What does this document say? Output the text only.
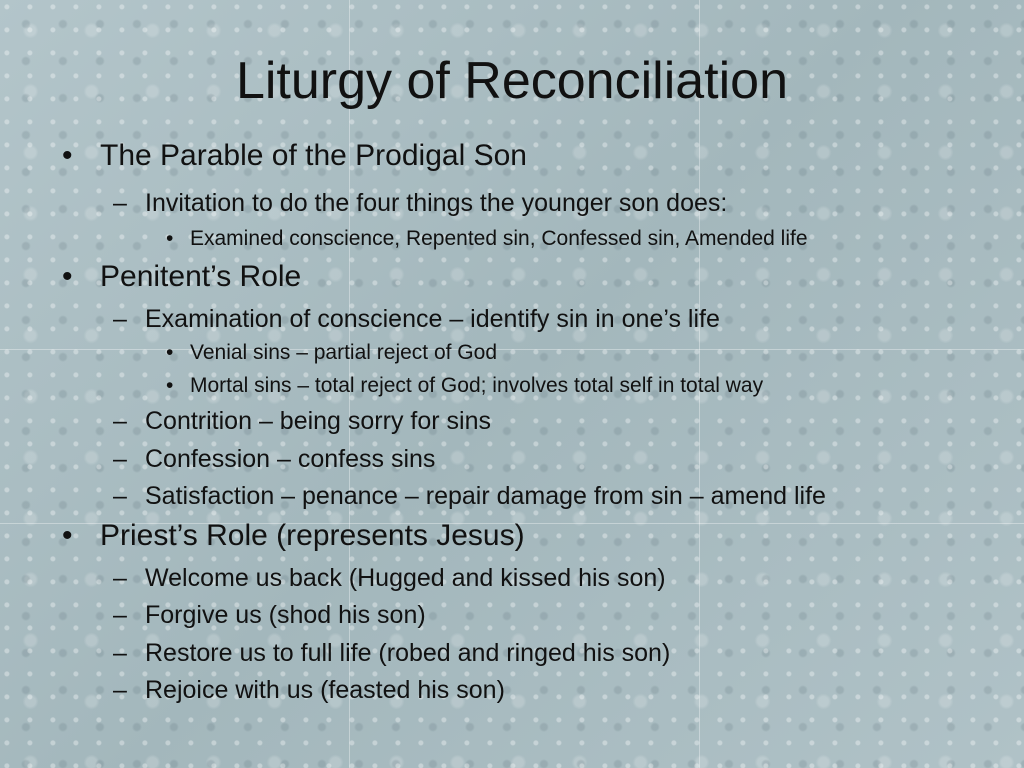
Liturgy of Reconciliation
• The Parable of the Prodigal Son
– Invitation to do the four things the younger son does:
• Examined conscience, Repented sin, Confessed sin, Amended life
• Penitent’s Role
– Examination of conscience – identify sin in one’s life
• Venial sins – partial reject of God
• Mortal sins – total reject of God; involves total self in total way
– Contrition – being sorry for sins
– Confession – confess sins
– Satisfaction – penance – repair damage from sin – amend life
• Priest’s Role (represents Jesus)
– Welcome us back (Hugged and kissed his son)
– Forgive us (shod his son)
– Restore us to full life (robed and ringed his son)
– Rejoice with us (feasted his son)
